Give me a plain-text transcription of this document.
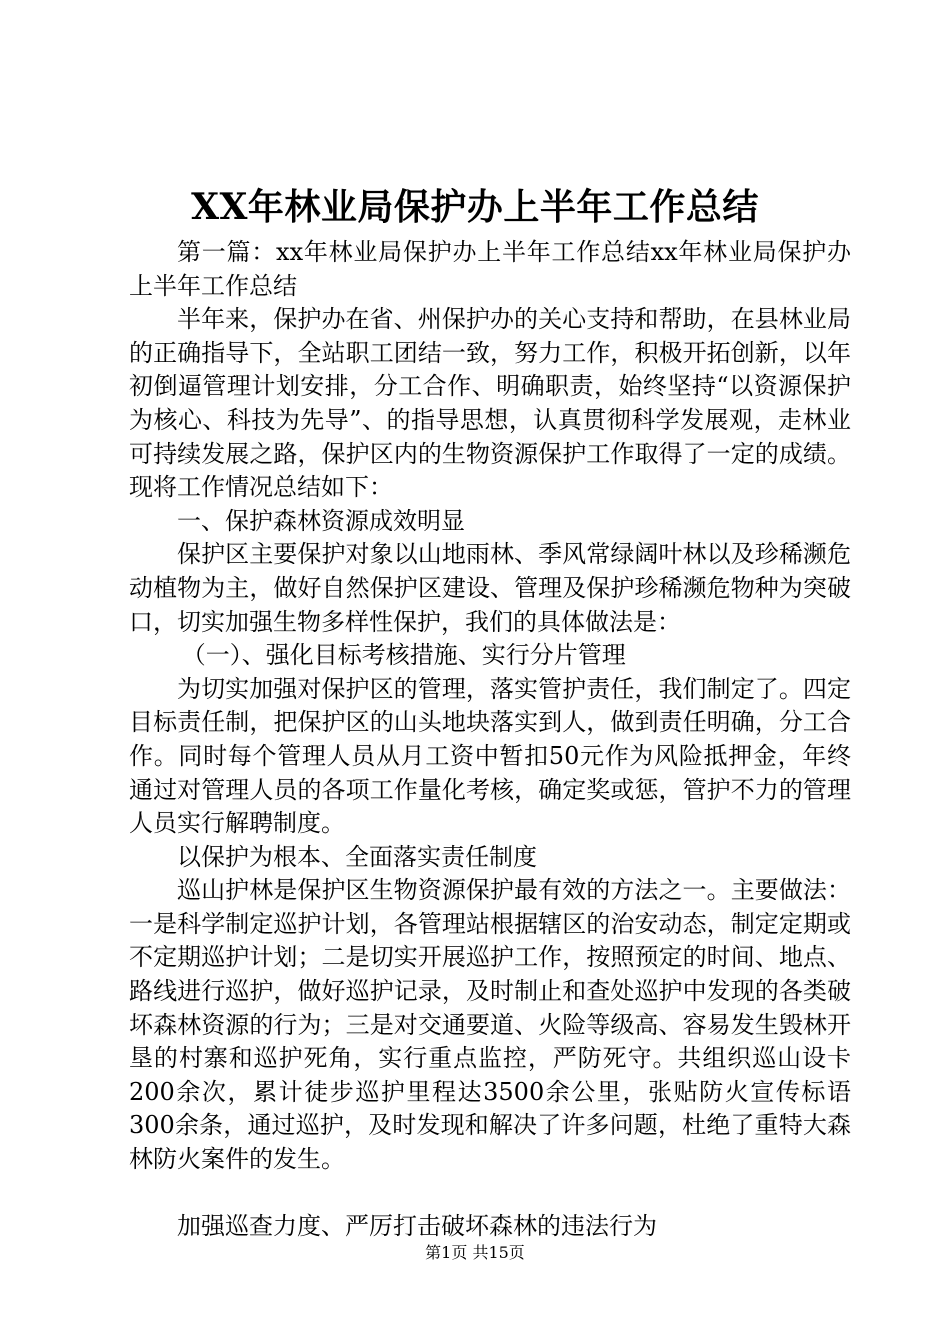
XX年林业局保护办上半年工作总结

第一篇：xx年林业局保护办上半年工作总结xx年林业局保护办上半年工作总结

半年来，保护办在省、州保护办的关心支持和帮助，在县林业局的正确指导下，全站职工团结一致，努力工作，积极开拓创新，以年初倒逼管理计划安排，分工合作、明确职责，始终坚持“以资源保护为核心、科技为先导”、的指导思想，认真贯彻科学发展观，走林业可持续发展之路，保护区内的生物资源保护工作取得了一定的成绩。现将工作情况总结如下：

一、保护森林资源成效明显

保护区主要保护对象以山地雨林、季风常绿阔叶林以及珍稀濒危动植物为主，做好自然保护区建设、管理及保护珍稀濒危物种为突破口，切实加强生物多样性保护，我们的具体做法是：

（一）、强化目标考核措施、实行分片管理

为切实加强对保护区的管理，落实管护责任，我们制定了。四定目标责任制，把保护区的山头地块落实到人，做到责任明确，分工合作。同时每个管理人员从月工资中暂扣50元作为风险抵押金，年终通过对管理人员的各项工作量化考核，确定奖或惩，管护不力的管理人员实行解聘制度。

以保护为根本、全面落实责任制度

巡山护林是保护区生物资源保护最有效的方法之一。主要做法：一是科学制定巡护计划，各管理站根据辖区的治安动态，制定定期或不定期巡护计划；二是切实开展巡护工作，按照预定的时间、地点、路线进行巡护，做好巡护记录，及时制止和查处巡护中发现的各类破坏森林资源的行为；三是对交通要道、火险等级高、容易发生毁林开垦的村寨和巡护死角，实行重点监控，严防死守。共组织巡山设卡200余次，累计徒步巡护里程达3500余公里，张贴防火宣传标语300余条，通过巡护，及时发现和解决了许多问题，杜绝了重特大森林防火案件的发生。

加强巡查力度、严厉打击破坏森林的违法行为

第1页 共15页
